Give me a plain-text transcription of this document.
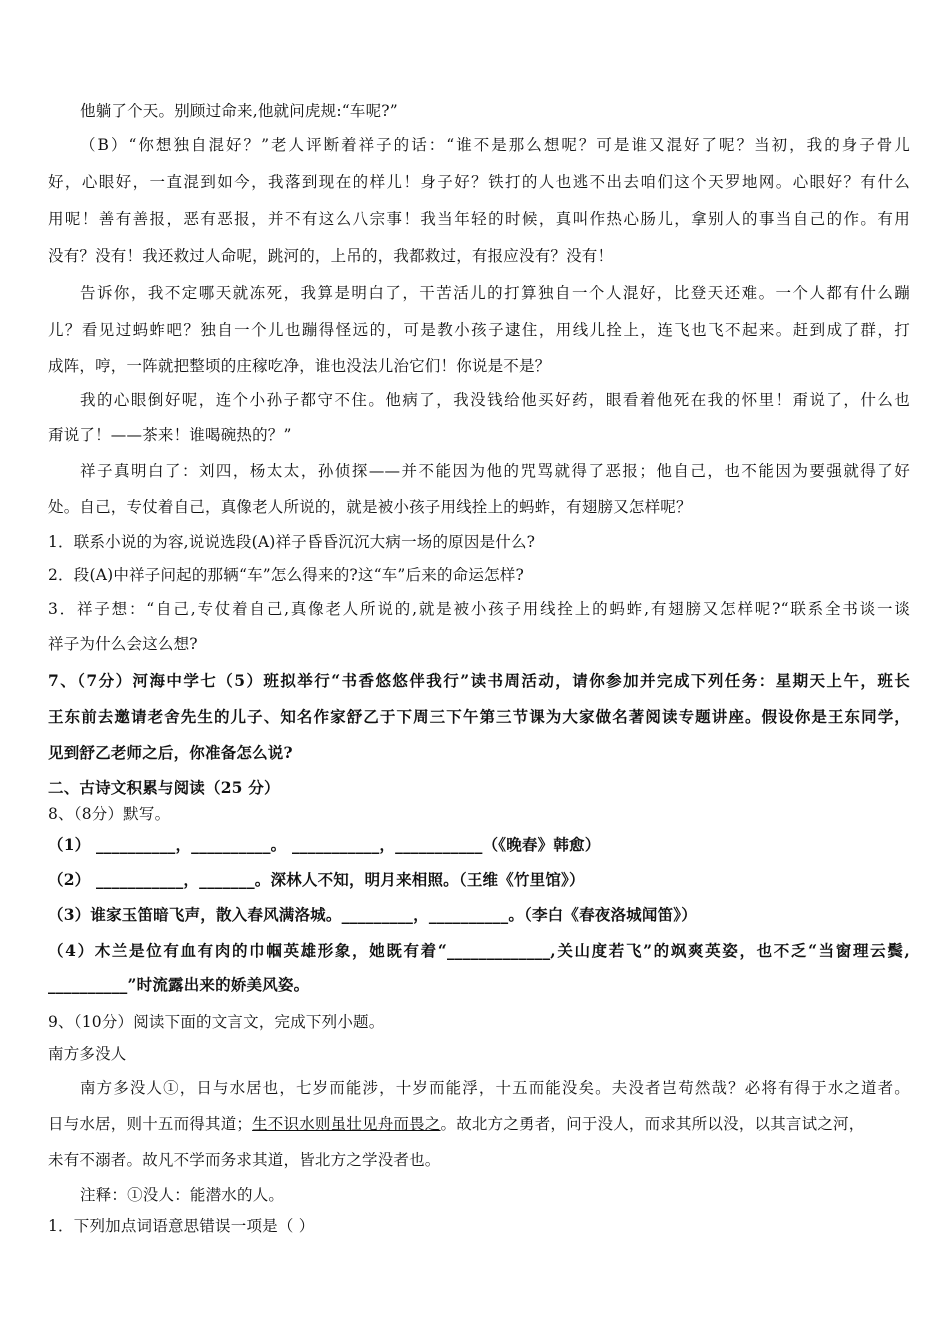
他躺了个天。别顾过命来,他就问虎规:“车呢?”
（B）“你想独自混好？”老人评断着祥子的话：“谁不是那么想呢？可是谁又混好了呢？当初，我的身子骨儿
好，心眼好，一直混到如今，我落到现在的样儿！身子好？铁打的人也逃不出去咱们这个天罗地网。心眼好？有什么
用呢！善有善报，恶有恶报，并不有这么八宗事！我当年轻的时候，真叫作热心肠儿，拿别人的事当自己的作。有用
没有？没有！我还救过人命呢，跳河的，上吊的，我都救过，有报应没有？没有！
告诉你，我不定哪天就冻死，我算是明白了，干苦活儿的打算独自一个人混好，比登天还难。一个人都有什么蹦
儿？看见过蚂蚱吧？独自一个儿也蹦得怪远的，可是教小孩子逮住，用线儿拴上，连飞也飞不起来。赶到成了群，打
成阵，哼，一阵就把整顷的庄稼吃净，谁也没法儿治它们！你说是不是？
我的心眼倒好呢，连个小孙子都守不住。他病了，我没钱给他买好药，眼看着他死在我的怀里！甭说了，什么也
甭说了！——茶来！谁喝碗热的？”
祥子真明白了：刘四，杨太太，孙侦探——并不能因为他的咒骂就得了恶报；他自己，也不能因为要强就得了好
处。自己，专仗着自己，真像老人所说的，就是被小孩子用线拴上的蚂蚱，有翅膀又怎样呢？
1．联系小说的为容,说说选段(A)祥子昏昏沉沉大病一场的原因是什么?
2．段(A)中祥子问起的那辆“车”怎么得来的?这“车”后来的命运怎样?
3．祥子想：“自己,专仗着自己,真像老人所说的,就是被小孩子用线拴上的蚂蚱,有翅膀又怎样呢?“联系全书谈一谈
祥子为什么会这么想?
7、（7分）河海中学七（5）班拟举行“书香悠悠伴我行”读书周活动，请你参加并完成下列任务：星期天上午，班长
王东前去邀请老舍先生的儿子、知名作家舒乙于下周三下午第三节课为大家做名著阅读专题讲座。假设你是王东同学，
见到舒乙老师之后，你准备怎么说?
二、古诗文积累与阅读（25 分）
8、（8分）默写。
（1） __________，__________。 ___________，___________（《晚春》韩愈）
（2） ___________，_______。深林人不知，明月来相照。（王维《竹里馆》）
（3）谁家玉笛暗飞声，散入春风满洛城。_________，__________。（李白《春夜洛城闻笛》）
（4）木兰是位有血有肉的巾帼英雄形象，她既有着“_____________,关山度若飞”的飒爽英姿，也不乏“当窗理云鬓,
__________”时流露出来的娇美风姿。
9、（10分）阅读下面的文言文，完成下列小题。
南方多没人
南方多没人①，日与水居也，七岁而能涉，十岁而能浮，十五而能没矣。夫没者岂苟然哉？必将有得于水之道者。
日与水居，则十五而得其道；生不识水则虽壮见舟而畏之。故北方之勇者，问于没人，而求其所以没，以其言试之河，
未有不溺者。故凡不学而务求其道，皆北方之学没者也。
注释：①没人：能潜水的人。
1．下列加点词语意思错误一项是（ ）
